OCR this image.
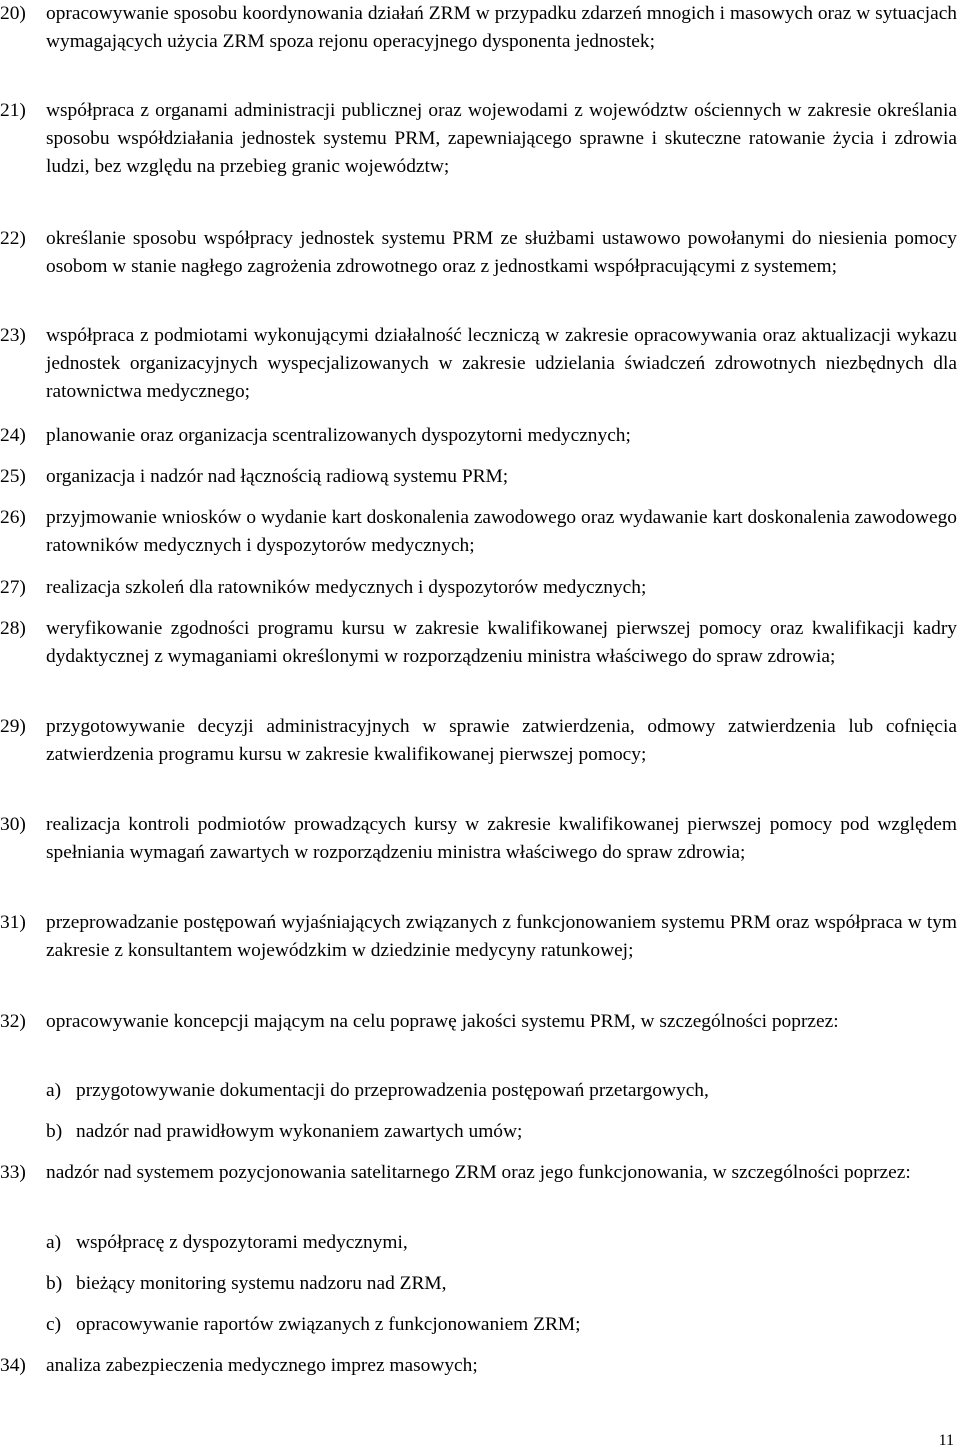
20) opracowywanie sposobu koordynowania działań ZRM w przypadku zdarzeń mnogich i masowych oraz w sytuacjach wymagających użycia ZRM spoza rejonu operacyjnego dysponenta jednostek;
21) współpraca z organami administracji publicznej oraz wojewodami z województw ościennych w zakresie określania sposobu współdziałania jednostek systemu PRM, zapewniającego sprawne i skuteczne ratowanie życia i zdrowia ludzi, bez względu na przebieg granic województw;
22) określanie sposobu współpracy jednostek systemu PRM ze służbami ustawowo powołanymi do niesienia pomocy osobom w stanie nagłego zagrożenia zdrowotnego oraz z jednostkami współpracującymi z systemem;
23) współpraca z podmiotami wykonującymi działalność leczniczą w zakresie opracowywania oraz aktualizacji wykazu jednostek organizacyjnych wyspecjalizowanych w zakresie udzielania świadczeń zdrowotnych niezbędnych dla ratownictwa medycznego;
24) planowanie oraz organizacja scentralizowanych dyspozytorni medycznych;
25) organizacja i nadzór nad łącznością radiową systemu PRM;
26) przyjmowanie wniosków o wydanie kart doskonalenia zawodowego oraz wydawanie kart doskonalenia zawodowego ratowników medycznych i dyspozytorów medycznych;
27) realizacja szkoleń dla ratowników medycznych i dyspozytorów medycznych;
28) weryfikowanie zgodności programu kursu w zakresie kwalifikowanej pierwszej pomocy oraz kwalifikacji kadry dydaktycznej z wymaganiami określonymi w rozporządzeniu ministra właściwego do spraw zdrowia;
29) przygotowywanie decyzji administracyjnych w sprawie zatwierdzenia, odmowy zatwierdzenia lub cofnięcia zatwierdzenia programu kursu w zakresie kwalifikowanej pierwszej pomocy;
30) realizacja kontroli podmiotów prowadzących kursy w zakresie kwalifikowanej pierwszej pomocy pod względem spełniania wymagań zawartych w rozporządzeniu ministra właściwego do spraw zdrowia;
31) przeprowadzanie postępowań wyjaśniających związanych z funkcjonowaniem systemu PRM oraz współpraca w tym zakresie z konsultantem wojewódzkim w dziedzinie medycyny ratunkowej;
32) opracowywanie koncepcji mającym na celu poprawę jakości systemu PRM, w szczególności poprzez:
a) przygotowywanie dokumentacji do przeprowadzenia postępowań przetargowych,
b) nadzór nad prawidłowym wykonaniem zawartych umów;
33) nadzór nad systemem pozycjonowania satelitarnego ZRM oraz jego funkcjonowania, w szczególności poprzez:
a) współpracę z dyspozytorami medycznymi,
b) bieżący monitoring systemu nadzoru nad ZRM,
c) opracowywanie raportów związanych z funkcjonowaniem ZRM;
34) analiza zabezpieczenia medycznego imprez masowych;
11
